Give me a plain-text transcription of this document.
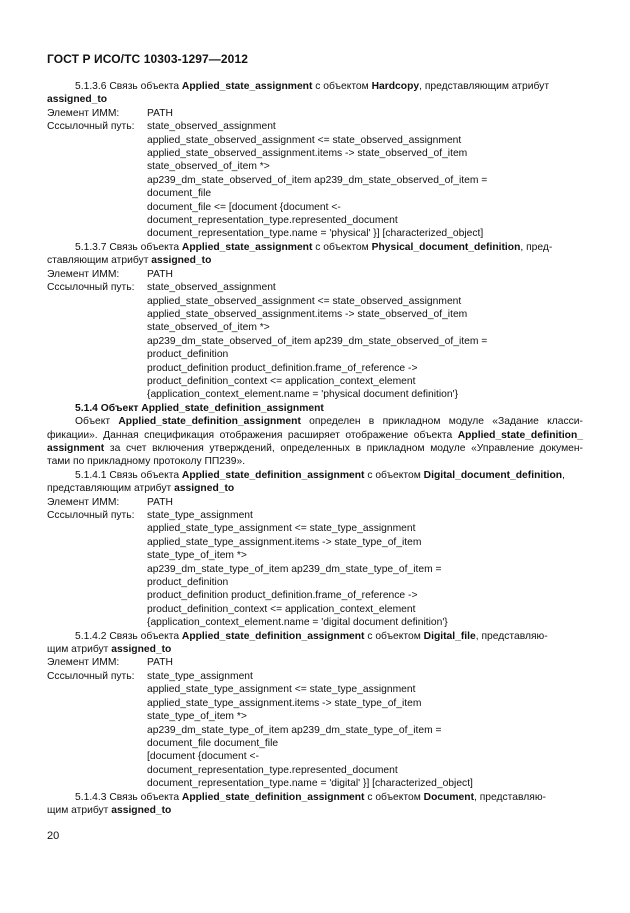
ГОСТ Р ИСО/ТС 10303-1297—2012
5.1.3.6 Связь объекта Applied_state_assignment с объектом Hardcopy, представляющим атрибут
assigned_to
Элемент ИММ:	PATH
Сссылочный путь:	state_observed_assignment
applied_state_observed_assignment <= state_observed_assignment
applied_state_observed_assignment.items -> state_observed_of_item
state_observed_of_item *>
ap239_dm_state_observed_of_item ap239_dm_state_observed_of_item =
document_file
document_file <= [document {document <-
document_representation_type.represented_document
document_representation_type.name = 'physical' }] [characterized_object]
5.1.3.7 Связь объекта Applied_state_assignment с объектом Physical_document_definition, пред-
ставляющим атрибут assigned_to
Элемент ИММ:	PATH
Сссылочный путь:	state_observed_assignment
applied_state_observed_assignment <= state_observed_assignment
applied_state_observed_assignment.items -> state_observed_of_item
state_observed_of_item *>
ap239_dm_state_observed_of_item ap239_dm_state_observed_of_item =
product_definition
product_definition product_definition.frame_of_reference ->
product_definition_context <= application_context_element
{application_context_element.name = 'physical document definition'}
5.1.4 Объект Applied_state_definition_assignment
Объект Applied_state_definition_assignment определен в прикладном модуле «Задание класси-
фикации». Данная спецификация отображения расширяет отображение объекта Applied_state_definition_
assignment за счет включения утверждений, определенных в прикладном модуле «Управление докумен-
тами по прикладному протоколу ПП239».
5.1.4.1 Связь объекта Applied_state_definition_assignment с объектом Digital_document_definition,
представляющим атрибут assigned_to
Элемент ИММ:	PATH
Сссылочный путь:	state_type_assignment
applied_state_type_assignment <= state_type_assignment
applied_state_type_assignment.items -> state_type_of_item
state_type_of_item *>
ap239_dm_state_type_of_item ap239_dm_state_type_of_item =
product_definition
product_definition product_definition.frame_of_reference ->
product_definition_context <= application_context_element
{application_context_element.name = 'digital document definition'}
5.1.4.2 Связь объекта Applied_state_definition_assignment с объектом Digital_file, представляю-
щим атрибут assigned_to
Элемент ИММ:	PATH
Сссылочный путь:	state_type_assignment
applied_state_type_assignment <= state_type_assignment
applied_state_type_assignment.items -> state_type_of_item
state_type_of_item *>
ap239_dm_state_type_of_item ap239_dm_state_type_of_item =
document_file document_file
[document {document <-
document_representation_type.represented_document
document_representation_type.name = 'digital' }] [characterized_object]
5.1.4.3 Связь объекта Applied_state_definition_assignment с объектом Document, представляю-
щим атрибут assigned_to
20
